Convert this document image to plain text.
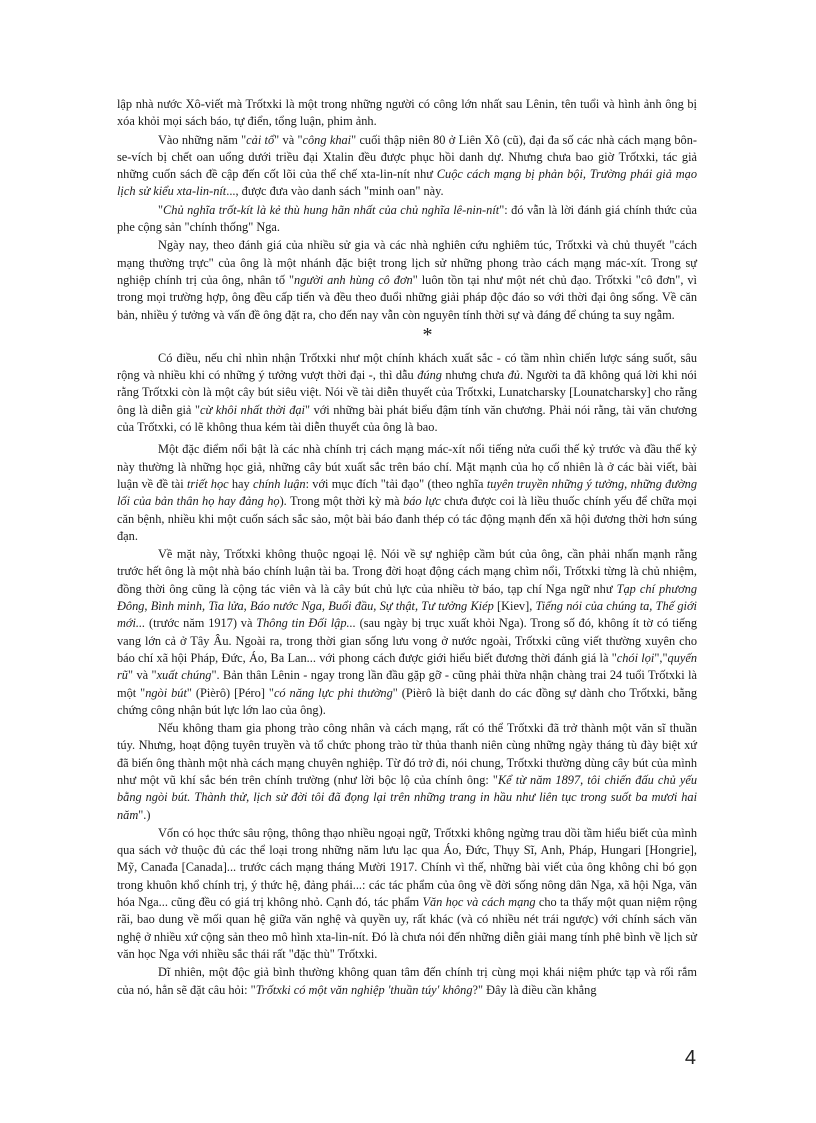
lập nhà nước Xô-viết mà Trốtxki là một trong những người có công lớn nhất sau Lênin, tên tuổi và hình ảnh ông bị xóa khỏi mọi sách báo, tự điển, tổng luận, phim ảnh.

Vào những năm "cải tổ" và "công khai" cuối thập niên 80 ở Liên Xô (cũ), đại đa số các nhà cách mạng bôn-se-vích bị chết oan uổng dưới triều đại Xtalin đều được phục hồi danh dự. Nhưng chưa bao giờ Trốtxki, tác giả những cuốn sách đề cập đến cốt lõi của thể chế xta-lin-nít như Cuộc cách mạng bị phản bội, Trường phái giả mạo lịch sử kiểu xta-lin-nít..., được đưa vào danh sách "minh oan" này.

"Chủ nghĩa trốt-kít là kẻ thù hung hãn nhất của chủ nghĩa lê-nin-nít": đó vẫn là lời đánh giá chính thức của phe cộng sản "chính thống" Nga.

Ngày nay, theo đánh giá của nhiều sử gia và các nhà nghiên cứu nghiêm túc, Trốtxki và chủ thuyết "cách mạng thường trực" của ông là một nhánh đặc biệt trong lịch sử những phong trào cách mạng mác-xít. Trong sự nghiệp chính trị của ông, nhân tố "người anh hùng cô đơn" luôn tồn tại như một nét chủ đạo. Trốtxki "cô đơn", vì trong mọi trường hợp, ông đều cấp tiến và đều theo đuổi những giải pháp độc đáo so với thời đại ông sống. Về căn bản, nhiều ý tưởng và vấn đề ông đặt ra, cho đến nay vẫn còn nguyên tính thời sự và đáng để chúng ta suy ngẫm.

*

Có điều, nếu chỉ nhìn nhận Trốtxki như một chính khách xuất sắc - có tầm nhìn chiến lược sáng suốt, sâu rộng và nhiều khi có những ý tưởng vượt thời đại -, thì dẫu đúng nhưng chưa đủ. Người ta đã không quá lời khi nói rằng Trốtxki còn là một cây bút siêu việt. Nói về tài diễn thuyết của Trốtxki, Lunatcharsky [Lounatcharsky] cho rằng ông là diễn giả "cừ khôi nhất thời đại" với những bài phát biểu đậm tính văn chương. Phải nói rằng, tài văn chương của Trốtxki, có lẽ không thua kém tài diễn thuyết của ông là bao.

Một đặc điểm nổi bật là các nhà chính trị cách mạng mác-xít nổi tiếng nửa cuối thế kỷ trước và đầu thế kỷ này thường là những học giả, những cây bút xuất sắc trên báo chí. Mặt mạnh của họ cố nhiên là ở các bài viết, bài luận về đề tài triết học hay chính luận: với mục đích "tải đạo" (theo nghĩa tuyên truyền những ý tưởng, những đường lối của bản thân họ hay đảng họ). Trong một thời kỳ mà báo lực chưa được coi là liều thuốc chính yếu để chữa mọi căn bệnh, nhiều khi một cuốn sách sắc sảo, một bài báo đanh thép có tác động mạnh đến xã hội đương thời hơn súng đạn.

Về mặt này, Trốtxki không thuộc ngoại lệ. Nói về sự nghiệp cầm bút của ông, cần phải nhấn mạnh rằng trước hết ông là một nhà báo chính luận tài ba. Trong đời hoạt động cách mạng chìm nổi, Trốtxki từng là chủ nhiệm, đồng thời ông cũng là cộng tác viên và là cây bút chủ lực của nhiều tờ báo, tạp chí Nga ngữ như Tạp chí phương Đông, Bình minh, Tia lửa, Báo nước Nga, Buổi đầu, Sự thật, Tư tưởng Kiép [Kiev], Tiếng nói của chúng ta, Thế giới mới... (trước năm 1917) và Thông tin Đối lập... (sau ngày bị trục xuất khỏi Nga). Trong số đó, không ít tờ có tiếng vang lớn cả ở Tây Âu. Ngoài ra, trong thời gian sống lưu vong ở nước ngoài, Trốtxki cũng viết thường xuyên cho báo chí xã hội Pháp, Đức, Áo, Ba Lan... với phong cách được giới hiểu biết đương thời đánh giá là "chói lọi","quyến rũ" và "xuất chúng". Bản thân Lênin - ngay trong lần đầu gặp gỡ - cũng phải thừa nhận chàng trai 24 tuổi Trốtxki là một "ngòi bút" (Pièrô) [Péro] "có năng lực phi thường" (Pièrô là biệt danh do các đồng sự dành cho Trốtxki, bằng chứng công nhận bút lực lớn lao của ông).

Nếu không tham gia phong trào công nhân và cách mạng, rất có thể Trốtxki đã trở thành một văn sĩ thuần túy. Nhưng, hoạt động tuyên truyền và tổ chức phong trào từ thủa thanh niên cùng những ngày tháng tù đày biệt xứ đã biến ông thành một nhà cách mạng chuyên nghiệp. Từ đó trở đi, nói chung, Trốtxki thường dùng cây bút của mình như một vũ khí sắc bén trên chính trường (như lời bộc lộ của chính ông: "Kể từ năm 1897, tôi chiến đấu chủ yếu bằng ngòi bút. Thành thử, lịch sử đời tôi đã đọng lại trên những trang in hầu như liên tục trong suốt ba mươi hai năm".)

Vốn có học thức sâu rộng, thông thạo nhiều ngoại ngữ, Trốtxki không ngừng trau dồi tầm hiểu biết của mình qua sách vở thuộc đủ các thể loại trong những năm lưu lạc qua Áo, Đức, Thụy Sĩ, Anh, Pháp, Hungari [Hongrie], Mỹ, Canađa [Canada]... trước cách mạng tháng Mười 1917. Chính vì thế, những bài viết của ông không chỉ bó gọn trong khuôn khổ chính trị, ý thức hệ, đảng phái...: các tác phẩm của ông về đời sống nông dân Nga, xã hội Nga, văn hóa Nga... cũng đều có giá trị không nhỏ. Cạnh đó, tác phẩm Văn học và cách mạng cho ta thấy một quan niệm rộng rãi, bao dung về mối quan hệ giữa văn nghệ và quyền uy, rất khác (và có nhiều nét trái ngược) với chính sách văn nghệ ở nhiều xứ cộng sản theo mô hình xta-lin-nít. Đó là chưa nói đến những diễn giải mang tính phê bình về lịch sử văn học Nga với nhiều sắc thái rất "đặc thù" Trốtxki.

Dĩ nhiên, một độc giả bình thường không quan tâm đến chính trị cùng mọi khái niệm phức tạp và rối rắm của nó, hẳn sẽ đặt câu hỏi: "Trốtxki có một văn nghiệp 'thuần túy' không?" Đây là điều cần khẳng

4
